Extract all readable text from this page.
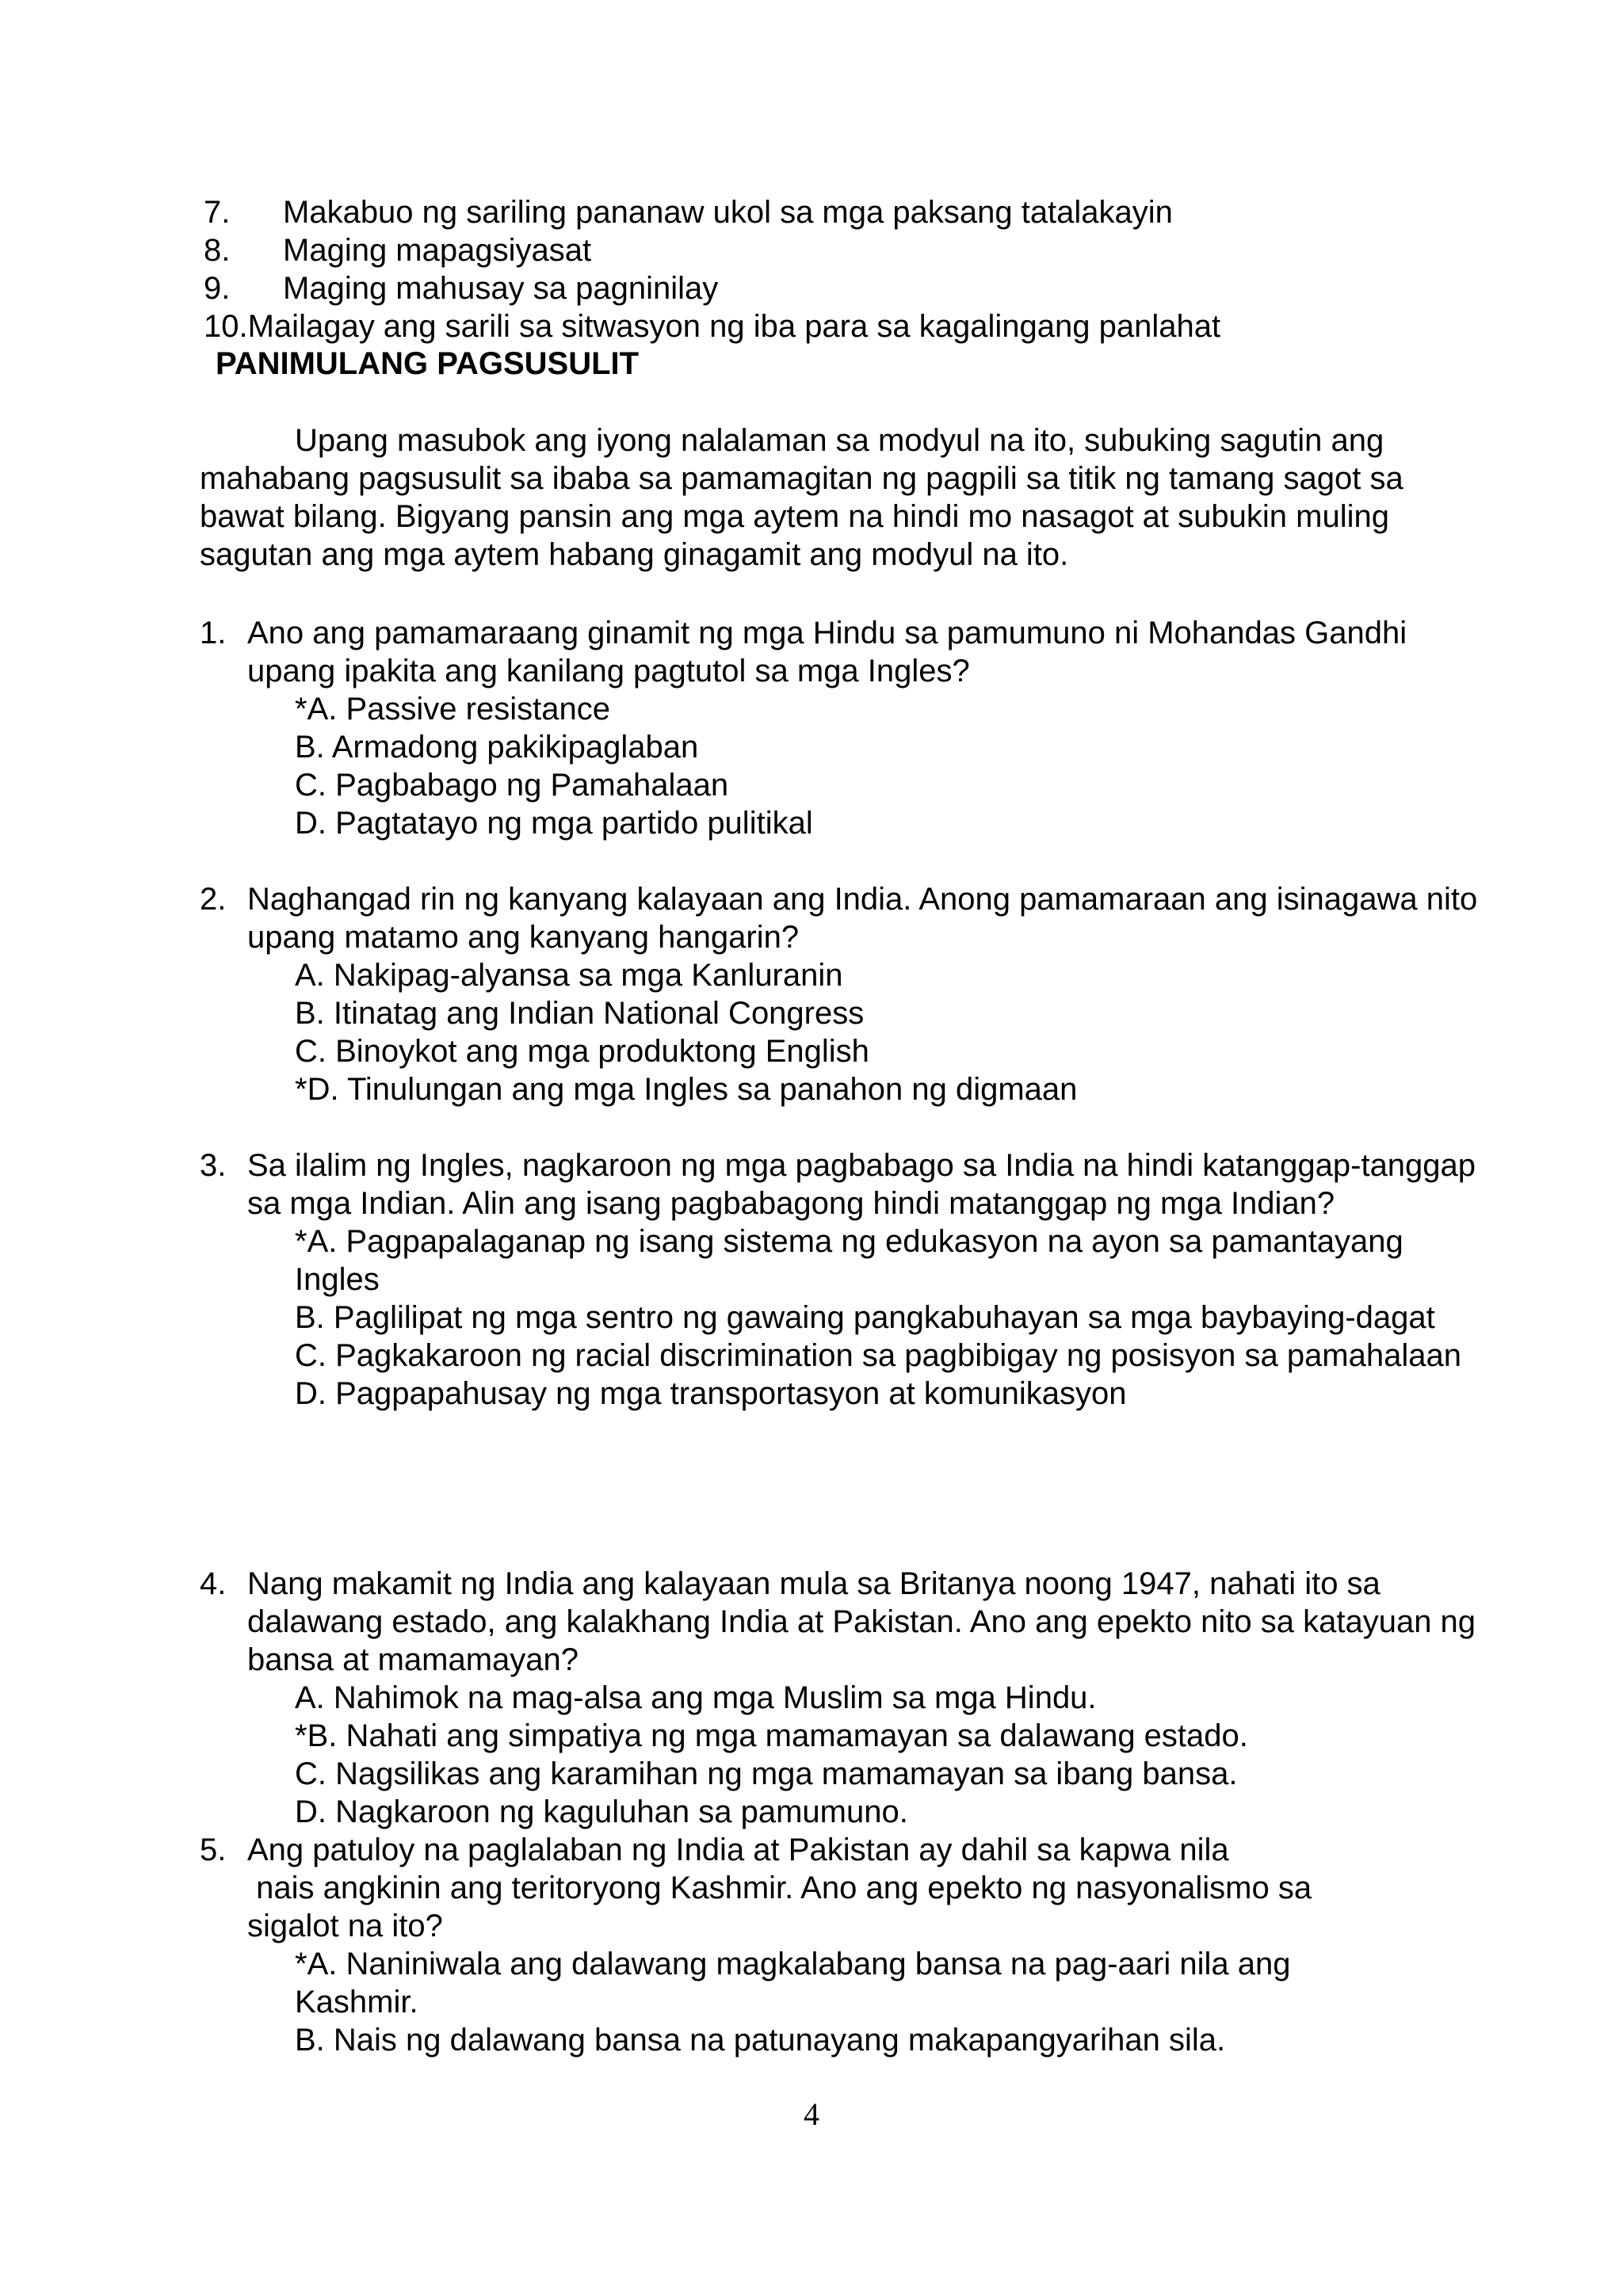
7.	Makabuo ng sariling pananaw ukol sa mga paksang tatalakayin
8.	Maging mapagsiyasat
9.	Maging mahusay sa pagninilay
10. Mailagay ang sarili sa sitwasyon ng iba para sa kagalingang panlahat
PANIMULANG PAGSUSULIT

Upang masubok ang iyong nalalaman sa modyul na ito, subuking sagutin ang mahabang pagsusulit sa ibaba sa pamamagitan ng pagpili sa titik ng tamang sagot sa bawat bilang. Bigyang pansin ang mga aytem na hindi mo nasagot at subukin muling sagutan ang mga aytem habang ginagamit ang modyul na ito.

1. Ano ang pamamaraang ginamit ng mga Hindu sa pamumuno ni Mohandas Gandhi upang ipakita ang kanilang pagtutol sa mga Ingles?

*A. Passive resistance
B. Armadong pakikipaglaban
C. Pagbabago ng Pamahalaan
D. Pagtatayo ng mga partido pulitikal
2. Naghangad rin ng kanyang kalayaan ang India. Anong pamamaraan ang isinagawa nito upang matamo ang kanyang hangarin?

A. Nakipag-alyansa sa mga Kanluranin
B. Itinatag ang Indian National Congress
C. Binoykot ang mga produktong English
*D. Tinulungan ang mga Ingles sa panahon ng digmaan
3. Sa ilalim ng Ingles, nagkaroon ng mga pagbabago sa India na hindi katanggap-tanggap sa mga Indian. Alin ang isang pagbabagong hindi matanggap ng mga Indian?

*A. Pagpapalaganap ng isang sistema ng edukasyon na ayon sa pamantayang Ingles
B. Paglilipat ng mga sentro ng gawaing pangkabuhayan sa mga baybaying-dagat
C. Pagkakaroon ng racial discrimination sa pagbibigay ng posisyon sa pamahalaan
D. Pagpapahusay ng mga transportasyon at komunikasyon
4. Nang makamit ng India ang kalayaan mula sa Britanya noong 1947, nahati ito sa dalawang estado, ang kalakhang India at Pakistan. Ano ang epekto nito sa katayuan ng bansa at mamamayan?

A. Nahimok na mag-alsa ang mga Muslim sa mga Hindu.
*B. Nahati ang simpatiya ng mga mamamayan sa dalawang estado.
C. Nagsilikas ang karamihan ng mga mamamayan sa ibang bansa.
D. Nagkaroon ng kaguluhan sa pamumuno.
5. Ang patuloy na paglalaban ng India at Pakistan ay dahil sa kapwa nila
nais angkinin ang teritoryong Kashmir. Ano ang epekto ng nasyonalismo sa
sigalot na ito?
*A. Naniniwala ang dalawang magkalabang bansa na pag-aari nila ang Kashmir.
B. Nais ng dalawang bansa na patunayang makapangyarihan sila.
4
